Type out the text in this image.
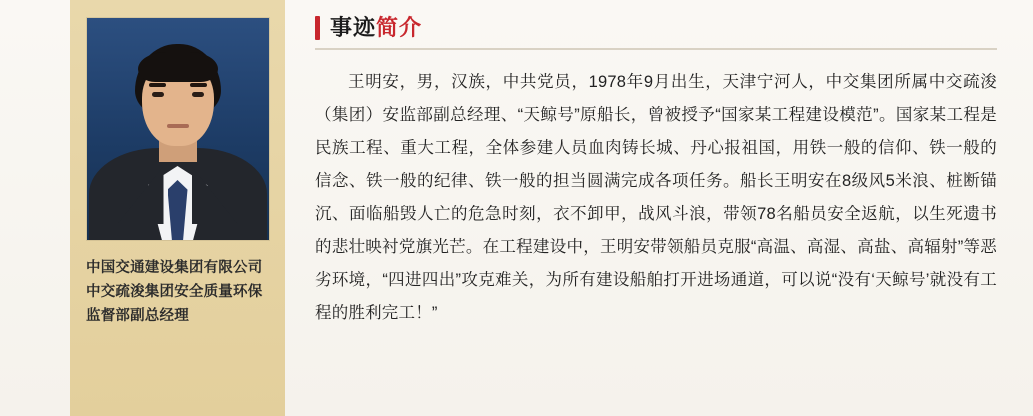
中国交通建设集团有限公司中交疏浚集团安全质量环保监督部副总经理
事迹简介
王明安，男，汉族，中共党员，1978年9月出生，天津宁河人，中交集团所属中交疏浚（集团）安监部副总经理、“天鲸号”原船长，曾被授予“国家某工程建设模范”。国家某工程是民族工程、重大工程，全体参建人员血肉铸长城、丹心报祖国，用铁一般的信仰、铁一般的信念、铁一般的纪律、铁一般的担当圆满完成各项任务。船长王明安在8级风5米浪、桩断锚沉、面临船毁人亡的危急时刻，衣不卸甲，战风斗浪，带领78名船员安全返航，以生死遗书的悲壮映衬党旗光芒。在工程建设中，王明安带领船员克服“高温、高湿、高盐、高辐射”等恶劣环境，“四进四出”攻克难关，为所有建设船舶打开进场通道，可以说“没有‘天鲸号’就没有工程的胜利完工！”
